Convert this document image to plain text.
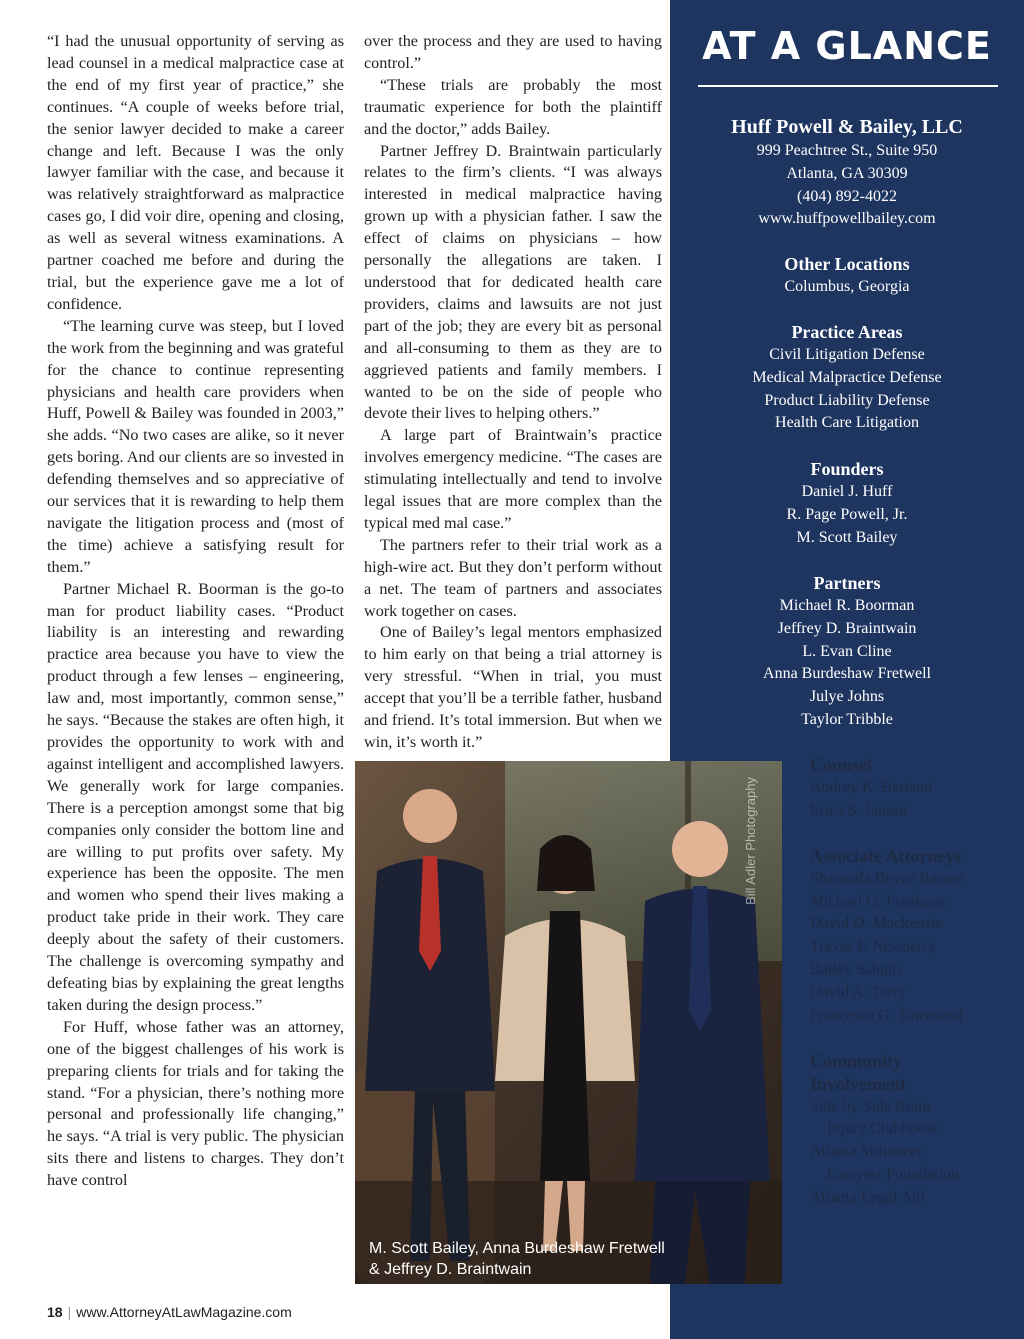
“I had the unusual opportunity of serving as lead counsel in a medical malpractice case at the end of my first year of practice,” she continues. “A couple of weeks before trial, the senior lawyer decided to make a career change and left. Because I was the only lawyer familiar with the case, and because it was relatively straightforward as malpractice cases go, I did voir dire, opening and closing, as well as several witness examinations. A partner coached me before and during the trial, but the experience gave me a lot of confidence.

“The learning curve was steep, but I loved the work from the beginning and was grateful for the chance to continue representing physicians and health care providers when Huff, Powell & Bailey was founded in 2003,” she adds. “No two cases are alike, so it never gets boring. And our clients are so invested in defending themselves and so appreciative of our services that it is rewarding to help them navigate the litigation process and (most of the time) achieve a satisfying result for them.”

Partner Michael R. Boorman is the go-to man for product liability cases. “Product liability is an interesting and rewarding practice area because you have to view the product through a few lenses – engineering, law and, most importantly, common sense,” he says. “Because the stakes are often high, it provides the opportunity to work with and against intelligent and accomplished lawyers. We generally work for large companies. There is a perception amongst some that big companies only consider the bottom line and are willing to put profits over safety. My experience has been the opposite. The men and women who spend their lives making a product take pride in their work. They care deeply about the safety of their customers. The challenge is overcoming sympathy and defeating bias by explaining the great lengths taken during the design process.”

For Huff, whose father was an attorney, one of the biggest challenges of his work is preparing clients for trials and for taking the stand. “For a physician, there’s nothing more personal and professionally life changing,” he says. “A trial is very public. The physician sits there and listens to charges. They don’t have control

over the process and they are used to having control.”

“These trials are probably the most traumatic experience for both the plaintiff and the doctor,” adds Bailey.

Partner Jeffrey D. Braintwain particularly relates to the firm’s clients. “I was always interested in medical malpractice having grown up with a physician father. I saw the effect of claims on physicians – how personally the allegations are taken. I understood that for dedicated health care providers, claims and lawsuits are not just part of the job; they are every bit as personal and all-consuming to them as they are to aggrieved patients and family members. I wanted to be on the side of people who devote their lives to helping others.”

A large part of Braintwain’s practice involves emergency medicine. “The cases are stimulating intellectually and tend to involve legal issues that are more complex than the typical med mal case.”

The partners refer to their trial work as a high-wire act. But they don’t perform without a net. The team of partners and associates work together on cases.

One of Bailey’s legal mentors emphasized to him early on that being a trial attorney is very stressful. “When in trial, you must accept that you’ll be a terrible father, husband and friend. It’s total immersion. But when we win, it’s worth it.”

AT A GLANCE
Huff Powell & Bailey, LLC
999 Peachtree St., Suite 950
Atlanta, GA 30309
(404) 892-4022
www.huffpowellbailey.com
Other Locations
Columbus, Georgia
Practice Areas
Civil Litigation Defense
Medical Malpractice Defense
Product Liability Defense
Health Care Litigation
Founders
Daniel J. Huff
R. Page Powell, Jr.
M. Scott Bailey
Partners
Michael R. Boorman
Jeffrey D. Braintwain
L. Evan Cline
Anna Burdeshaw Fretwell
Julye Johns
Taylor Tribble
Counsel
Audrey K. Berland
Erica S. Jansen
Associate Attorneys
Sharonda Boyce Barnes
Michael G. Frankson
David D. Mackenzie
Trevor P. Newberry
Bailey Sabulis
David A. Terry
Francesca G. Townsend
Community
Involvement
Side by Side Brain
Injury Clubhouse
Atlanta Volunteer
Lawyers Foundation
Atlanta Legal Aid
Bill Adler Photography
M. Scott Bailey, Anna Burdeshaw Fretwell
& Jeffrey D. Braintwain
18 | www.AttorneyAtLawMagazine.com
